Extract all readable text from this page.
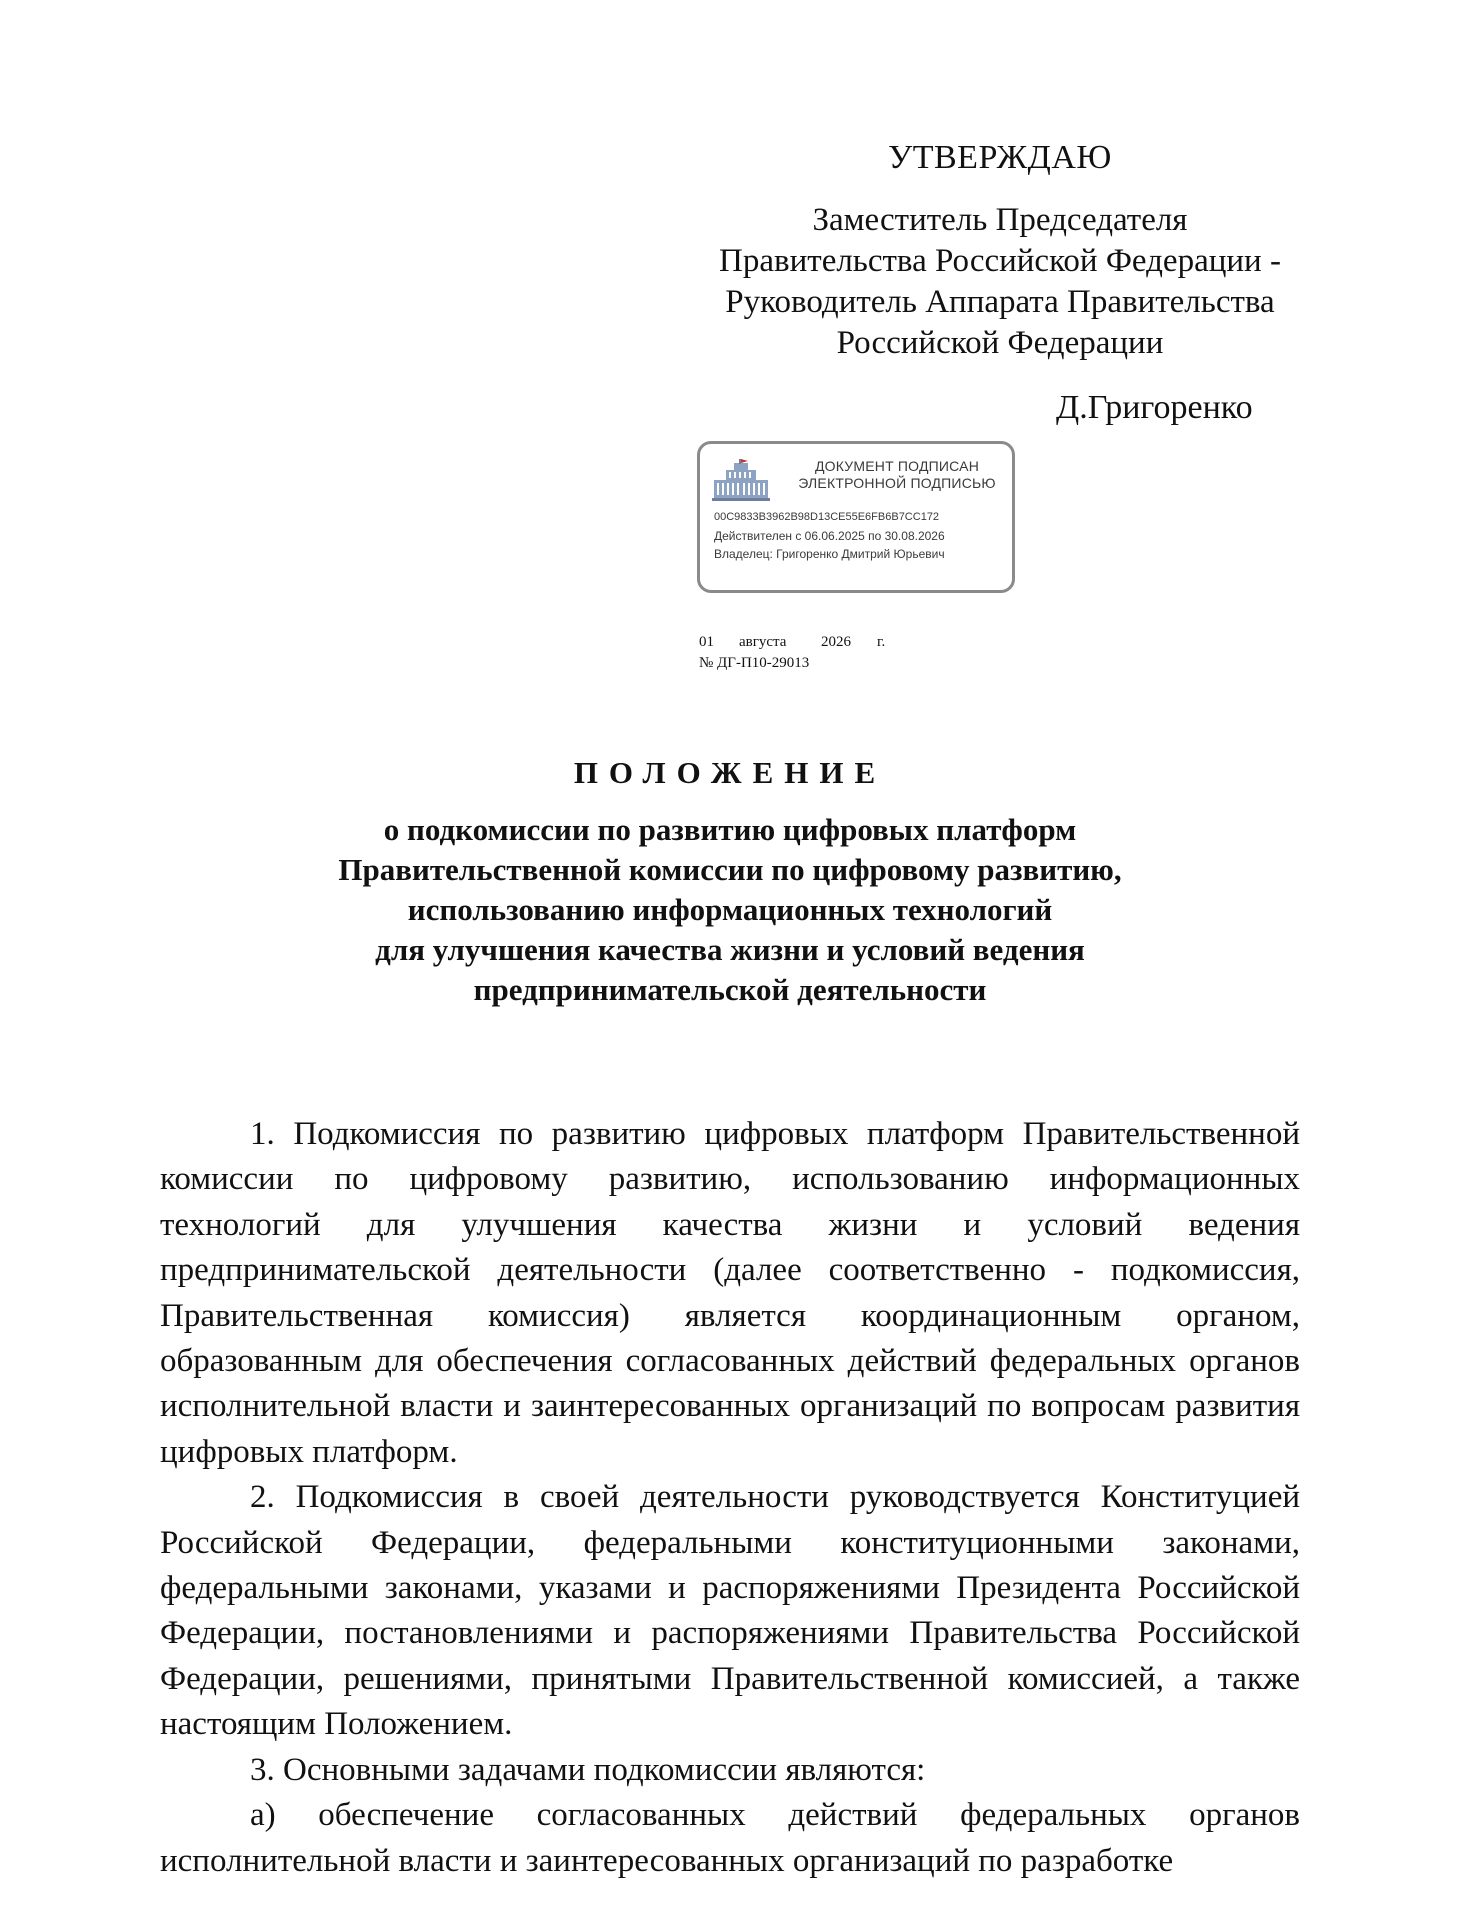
УТВЕРЖДАЮ
Заместитель Председателя
Правительства Российской Федерации -
Руководитель Аппарата Правительства
Российской Федерации
Д.Григоренко
ДОКУМЕНТ ПОДПИСАН
ЭЛЕКТРОННОЙ ПОДПИСЬЮ
00C9833B3962B98D13CE55E6FB6B7CC172
Действителен с 06.06.2025 по 30.08.2026
Владелец: Григоренко Дмитрий Юрьевич
01 августа 2026 г.
№ ДГ-П10-29013
ПОЛОЖЕНИЕ
о подкомиссии по развитию цифровых платформ
Правительственной комиссии по цифровому развитию,
использованию информационных технологий
для улучшения качества жизни и условий ведения
предпринимательской деятельности

1. Подкомиссия по развитию цифровых платформ Правительственной комиссии по цифровому развитию, использованию информационных технологий для улучшения качества жизни и условий ведения предпринимательской деятельности (далее соответственно - подкомиссия, Правительственная комиссия) является координационным органом, образованным для обеспечения согласованных действий федеральных органов исполнительной власти и заинтересованных организаций по вопросам развития цифровых платформ.

2. Подкомиссия в своей деятельности руководствуется Конституцией Российской Федерации, федеральными конституционными законами, федеральными законами, указами и распоряжениями Президента Российской Федерации, постановлениями и распоряжениями Правительства Российской Федерации, решениями, принятыми Правительственной комиссией, а также настоящим Положением.

3. Основными задачами подкомиссии являются:

а) обеспечение согласованных действий федеральных органов исполнительной власти и заинтересованных организаций по разработке
